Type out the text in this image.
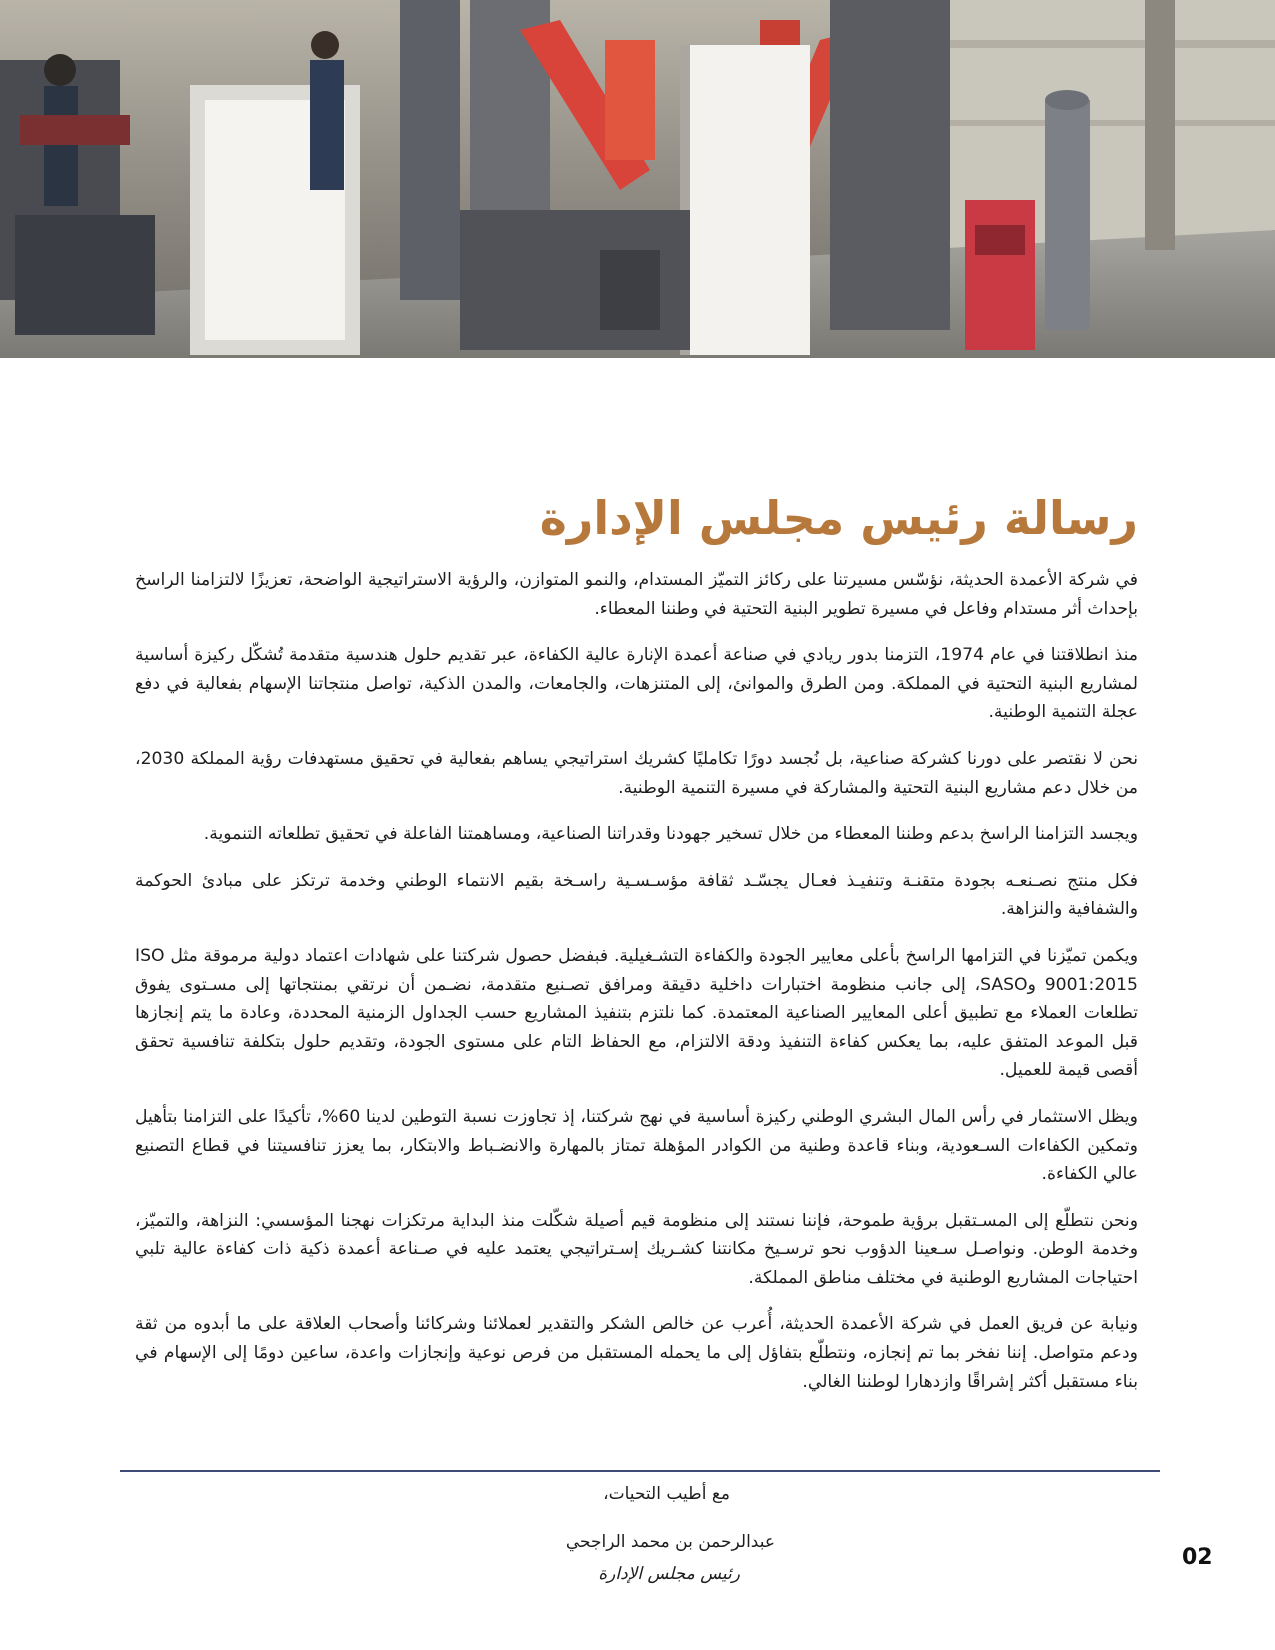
رسالة رئيس مجلس الإدارة

في شركة الأعمدة الحديثة، نؤسّس مسيرتنا على ركائز التميّز المستدام، والنمو المتوازن، والرؤية الاستراتيجية الواضحة، تعزيزًا لالتزامنا الراسخ بإحداث أثر مستدام وفاعل في مسيرة تطوير البنية التحتية في وطننا المعطاء.

منذ انطلاقتنا في عام 1974، التزمنا بدور ريادي في صناعة أعمدة الإنارة عالية الكفاءة، عبر تقديم حلول هندسية متقدمة تُشكّل ركيزة أساسية لمشاريع البنية التحتية في المملكة. ومن الطرق والموانئ، إلى المتنزهات، والجامعات، والمدن الذكية، تواصل منتجاتنا الإسهام بفعالية في دفع عجلة التنمية الوطنية.

نحن لا نقتصر على دورنا كشركة صناعية، بل نُجسد دورًا تكامليًا كشريك استراتيجي يساهم بفعالية في تحقيق مستهدفات رؤية المملكة 2030، من خلال دعم مشاريع البنية التحتية والمشاركة في مسيرة التنمية الوطنية.

ويجسد التزامنا الراسخ بدعم وطننا المعطاء من خلال تسخير جهودنا وقدراتنا الصناعية، ومساهمتنا الفاعلة في تحقيق تطلعاته التنموية.

فكل منتج نصـنعـه بجودة متقنـة وتنفيـذ فعـال يجسّـد ثقافة مؤسـسـية راسـخة بقيم الانتماء الوطني وخدمة ترتكز على مبادئ الحوكمة والشفافية والنزاهة.

ويكمن تميّزنا في التزامها الراسخ بأعلى معايير الجودة والكفاءة التشـغيلية. فبفضل حصول شركتنا على شهادات اعتماد دولية مرموقة مثل ISO 9001:2015 وSASO، إلى جانب منظومة اختبارات داخلية دقيقة ومرافق تصـنيع متقدمة، نضـمن أن نرتقي بمنتجاتها إلى مسـتوى يفوق تطلعات العملاء مع تطبيق أعلى المعايير الصناعية المعتمدة. كما نلتزم بتنفيذ المشاريع حسب الجداول الزمنية المحددة، وعادة ما يتم إنجازها قبل الموعد المتفق عليه، بما يعكس كفاءة التنفيذ ودقة الالتزام، مع الحفاظ التام على مستوى الجودة، وتقديم حلول بتكلفة تنافسية تحقق أقصى قيمة للعميل.

ويظل الاستثمار في رأس المال البشري الوطني ركيزة أساسية في نهج شركتنا، إذ تجاوزت نسبة التوطين لدينا 60%، تأكيدًا على التزامنا بتأهيل وتمكين الكفاءات السـعودية، وبناء قاعدة وطنية من الكوادر المؤهلة تمتاز بالمهارة والانضـباط والابتكار، بما يعزز تنافسيتنا في قطاع التصنيع عالي الكفاءة.

ونحن نتطلّع إلى المسـتقبل برؤية طموحة، فإننا نستند إلى منظومة قيم أصيلة شكّلت منذ البداية مرتكزات نهجنا المؤسسي: النزاهة، والتميّز، وخدمة الوطن. ونواصـل سـعينا الدؤوب نحو ترسـيخ مكانتنا كشـريك إسـتراتيجي يعتمد عليه في صـناعة أعمدة ذكية ذات كفاءة عالية تلبي احتياجات المشاريع الوطنية في مختلف مناطق المملكة.

ونيابة عن فريق العمل في شركة الأعمدة الحديثة، أُعرب عن خالص الشكر والتقدير لعملائنا وشركائنا وأصحاب العلاقة على ما أبدوه من ثقة ودعم متواصل. إننا نفخر بما تم إنجازه، ونتطلّع بتفاؤل إلى ما يحمله المستقبل من فرص نوعية وإنجازات واعدة، ساعين دومًا إلى الإسهام في بناء مستقبل أكثر إشراقًا وازدهارا لوطننا الغالي.

مع أطيب التحيات،
عبدالرحمن بن محمد الراجحي
رئيس مجلس الإدارة
02
